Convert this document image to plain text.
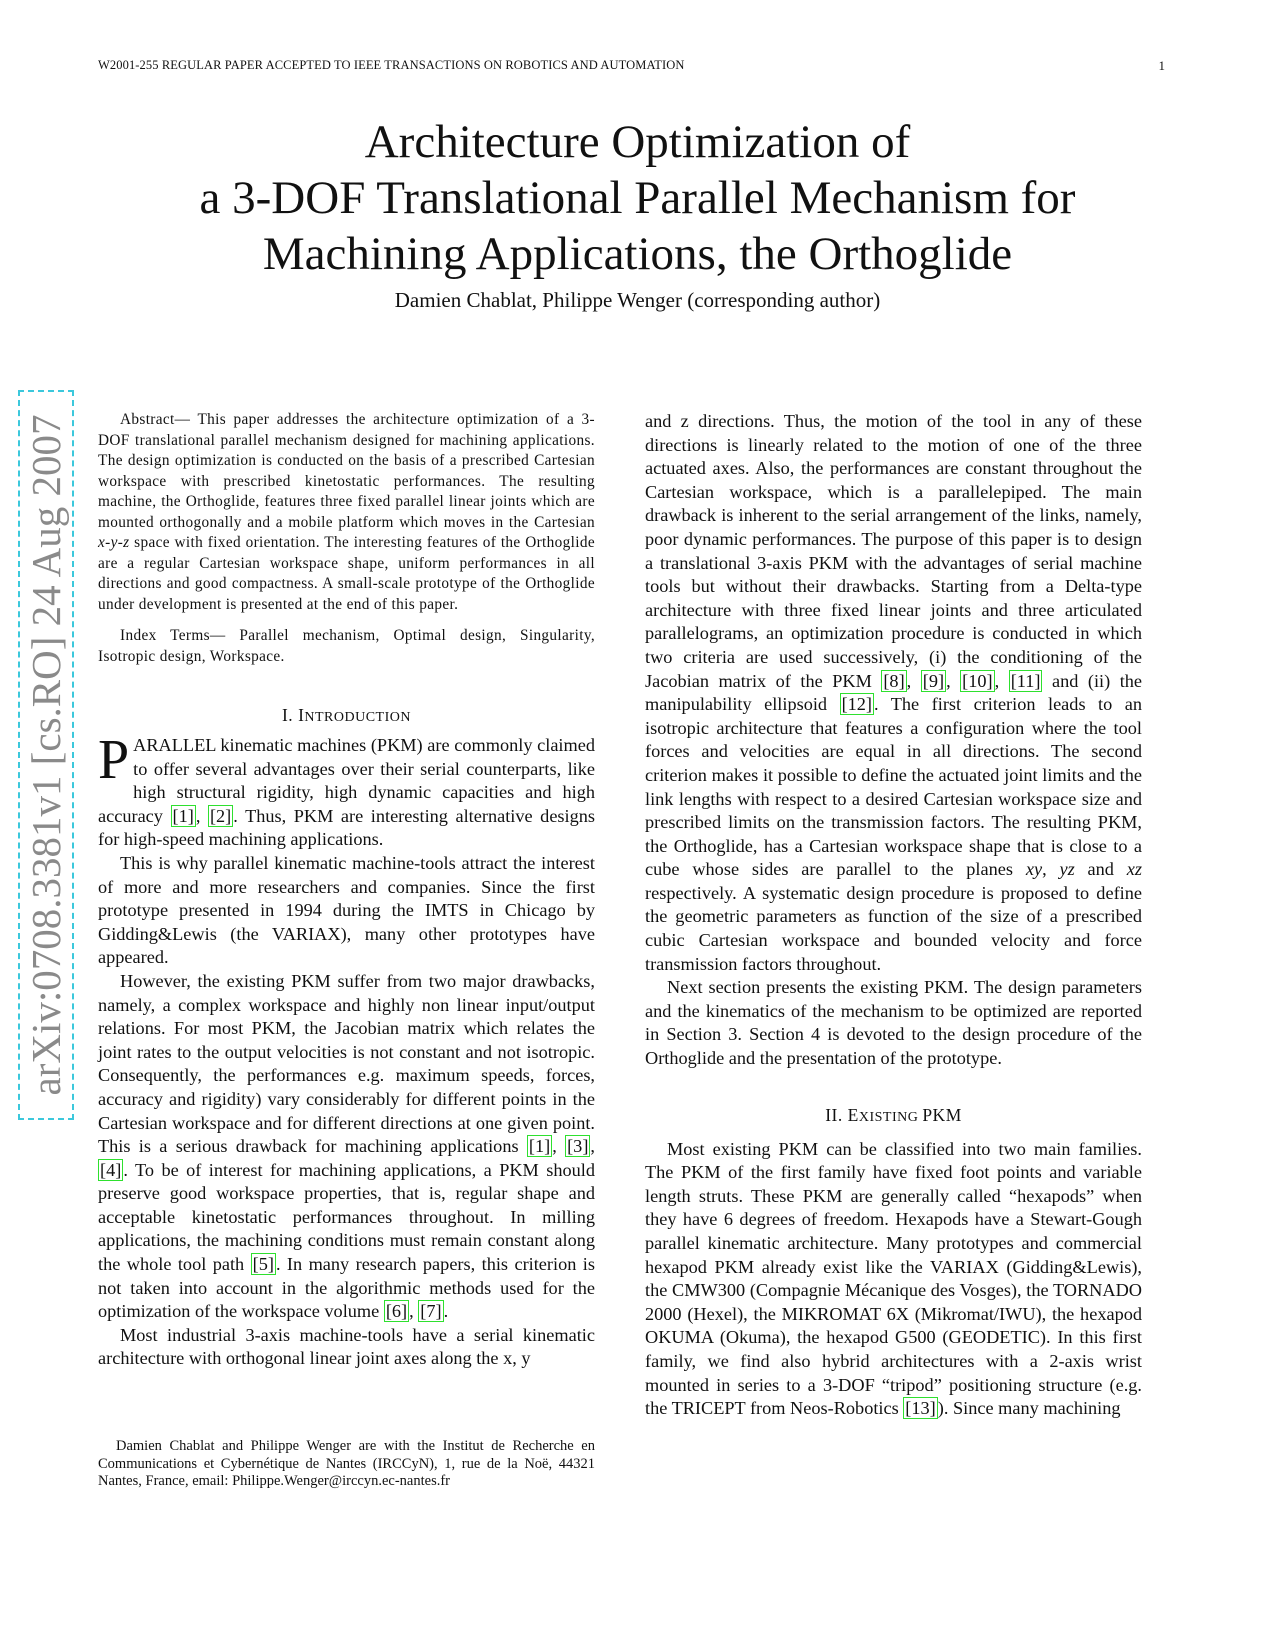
W2001-255 REGULAR PAPER ACCEPTED TO IEEE TRANSACTIONS ON ROBOTICS AND AUTOMATION	1
Architecture Optimization of
a 3-DOF Translational Parallel Mechanism for
Machining Applications, the Orthoglide
Damien Chablat, Philippe Wenger (corresponding author)
arXiv:0708.3381v1 [cs.RO] 24 Aug 2007	Abstract— This paper addresses the architecture optimization of a 3-DOF translational parallel mechanism designed for machining applications. The design optimization is conducted on the basis of a prescribed Cartesian workspace with prescribed kinetostatic performances. The resulting machine, the Orthoglide, features three fixed parallel linear joints which are mounted orthogonally and a mobile platform which moves in the Cartesian x-y-z space with fixed orientation. The interesting features of the Orthoglide are a regular Cartesian workspace shape, uniform performances in all directions and good compactness. A small-scale prototype of the Orthoglide under development is presented at the end of this paper.

Index Terms— Parallel mechanism, Optimal design, Singularity, Isotropic design, Workspace.

I. INTRODUCTION

PARALLEL kinematic machines (PKM) are commonly claimed to offer several advantages over their serial counterparts, like high structural rigidity, high dynamic capacities and high accuracy [1] , [2] . Thus, PKM are interesting alternative designs for high-speed machining applications.

This is why parallel kinematic machine-tools attract the interest of more and more researchers and companies. Since the first prototype presented in 1994 during the IMTS in Chicago by Gidding&Lewis (the VARIAX), many other prototypes have appeared.

However, the existing PKM suffer from two major drawbacks, namely, a complex workspace and highly non linear input/output relations. For most PKM, the Jacobian matrix which relates the joint rates to the output velocities is not constant and not isotropic. Consequently, the performances e.g. maximum speeds, forces, accuracy and rigidity) vary considerably for different points in the Cartesian workspace and for different directions at one given point. This is a serious drawback for machining applications [1] , [3] , [4] . To be of interest for machining applications, a PKM should preserve good workspace properties, that is, regular shape and acceptable kinetostatic performances throughout. In milling applications, the machining conditions must remain constant along the whole tool path [5] . In many research papers, this criterion is not taken into account in the algorithmic methods used for the optimization of the workspace volume [6] , [7] .

Most industrial 3-axis machine-tools have a serial kinematic architecture with orthogonal linear joint axes along the x, y

Damien Chablat and Philippe Wenger are with the Institut de Recherche en Communications et Cybernétique de Nantes (IRCCyN), 1, rue de la Noë, 44321 Nantes, France, email: Philippe.Wenger@irccyn.ec-nantes.fr

and z directions. Thus, the motion of the tool in any of these directions is linearly related to the motion of one of the three actuated axes. Also, the performances are constant throughout the Cartesian workspace, which is a parallelepiped. The main drawback is inherent to the serial arrangement of the links, namely, poor dynamic performances. The purpose of this paper is to design a translational 3-axis PKM with the advantages of serial machine tools but without their drawbacks. Starting from a Delta-type architecture with three fixed linear joints and three articulated parallelograms, an optimization procedure is conducted in which two criteria are used successively, (i) the conditioning of the Jacobian matrix of the PKM [8] , [9] , [10] , [11] and (ii) the manipulability ellipsoid [12] . The first criterion leads to an isotropic architecture that features a configuration where the tool forces and velocities are equal in all directions. The second criterion makes it possible to define the actuated joint limits and the link lengths with respect to a desired Cartesian workspace size and prescribed limits on the transmission factors. The resulting PKM, the Orthoglide, has a Cartesian workspace shape that is close to a cube whose sides are parallel to the planes xy, yz and xz respectively. A systematic design procedure is proposed to define the geometric parameters as function of the size of a prescribed cubic Cartesian workspace and bounded velocity and force transmission factors throughout.

Next section presents the existing PKM. The design parameters and the kinematics of the mechanism to be optimized are reported in Section 3. Section 4 is devoted to the design procedure of the Orthoglide and the presentation of the prototype.

II. EXISTING PKM

Most existing PKM can be classified into two main families. The PKM of the first family have fixed foot points and variable length struts. These PKM are generally called “hexapods” when they have 6 degrees of freedom. Hexapods have a Stewart-Gough parallel kinematic architecture. Many prototypes and commercial hexapod PKM already exist like the VARIAX (Gidding&Lewis), the CMW300 (Compagnie Mécanique des Vosges), the TORNADO 2000 (Hexel), the MIKROMAT 6X (Mikromat/IWU), the hexapod OKUMA (Okuma), the hexapod G500 (GEODETIC). In this first family, we find also hybrid architectures with a 2-axis wrist mounted in series to a 3-DOF “tripod” positioning structure (e.g. the TRICEPT from Neos-Robotics [13] ). Since many machining
